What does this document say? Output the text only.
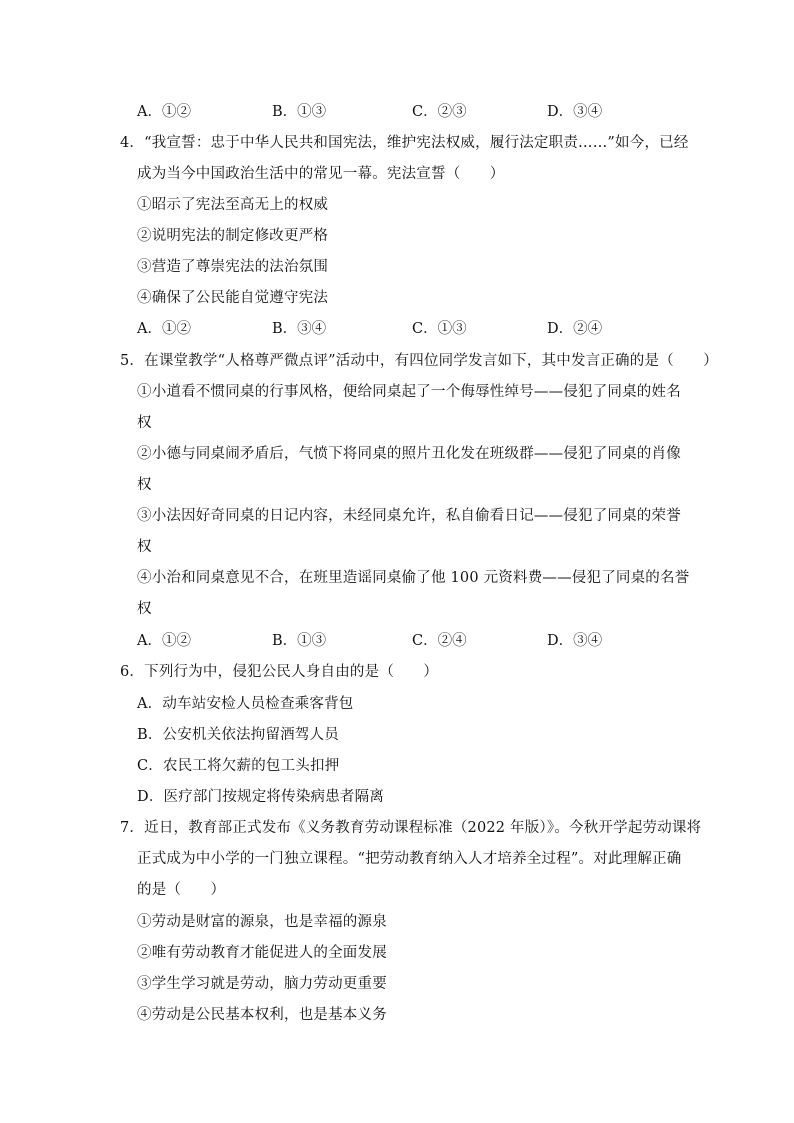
A．①②	B．①③	C．②③	D．③④
4．“我宣誓：忠于中华人民共和国宪法，维护宪法权威，履行法定职责……”如今，已经
成为当今中国政治生活中的常见一幕。宪法宣誓（　　）
①昭示了宪法至高无上的权威
②说明宪法的制定修改更严格
③营造了尊崇宪法的法治氛围
④确保了公民能自觉遵守宪法
A．①②	B．③④	C．①③	D．②④
5．在课堂教学“人格尊严微点评”活动中，有四位同学发言如下，其中发言正确的是（　　）
①小道看不惯同桌的行事风格，便给同桌起了一个侮辱性绰号——侵犯了同桌的姓名
权
②小德与同桌闹矛盾后，气愤下将同桌的照片丑化发在班级群——侵犯了同桌的肖像
权
③小法因好奇同桌的日记内容，未经同桌允许，私自偷看日记——侵犯了同桌的荣誉
权
④小治和同桌意见不合，在班里造谣同桌偷了他 100 元资料费——侵犯了同桌的名誉
权
A．①②	B．①③	C．②④	D．③④
6．下列行为中，侵犯公民人身自由的是（　　）
A．动车站安检人员检查乘客背包
B．公安机关依法拘留酒驾人员
C．农民工将欠薪的包工头扣押
D．医疗部门按规定将传染病患者隔离
7．近日，教育部正式发布《义务教育劳动课程标准（2022 年版）》。今秋开学起劳动课将
正式成为中小学的一门独立课程。“把劳动教育纳入人才培养全过程”。对此理解正确
的是（　　）
①劳动是财富的源泉，也是幸福的源泉
②唯有劳动教育才能促进人的全面发展
③学生学习就是劳动，脑力劳动更重要
④劳动是公民基本权利，也是基本义务
